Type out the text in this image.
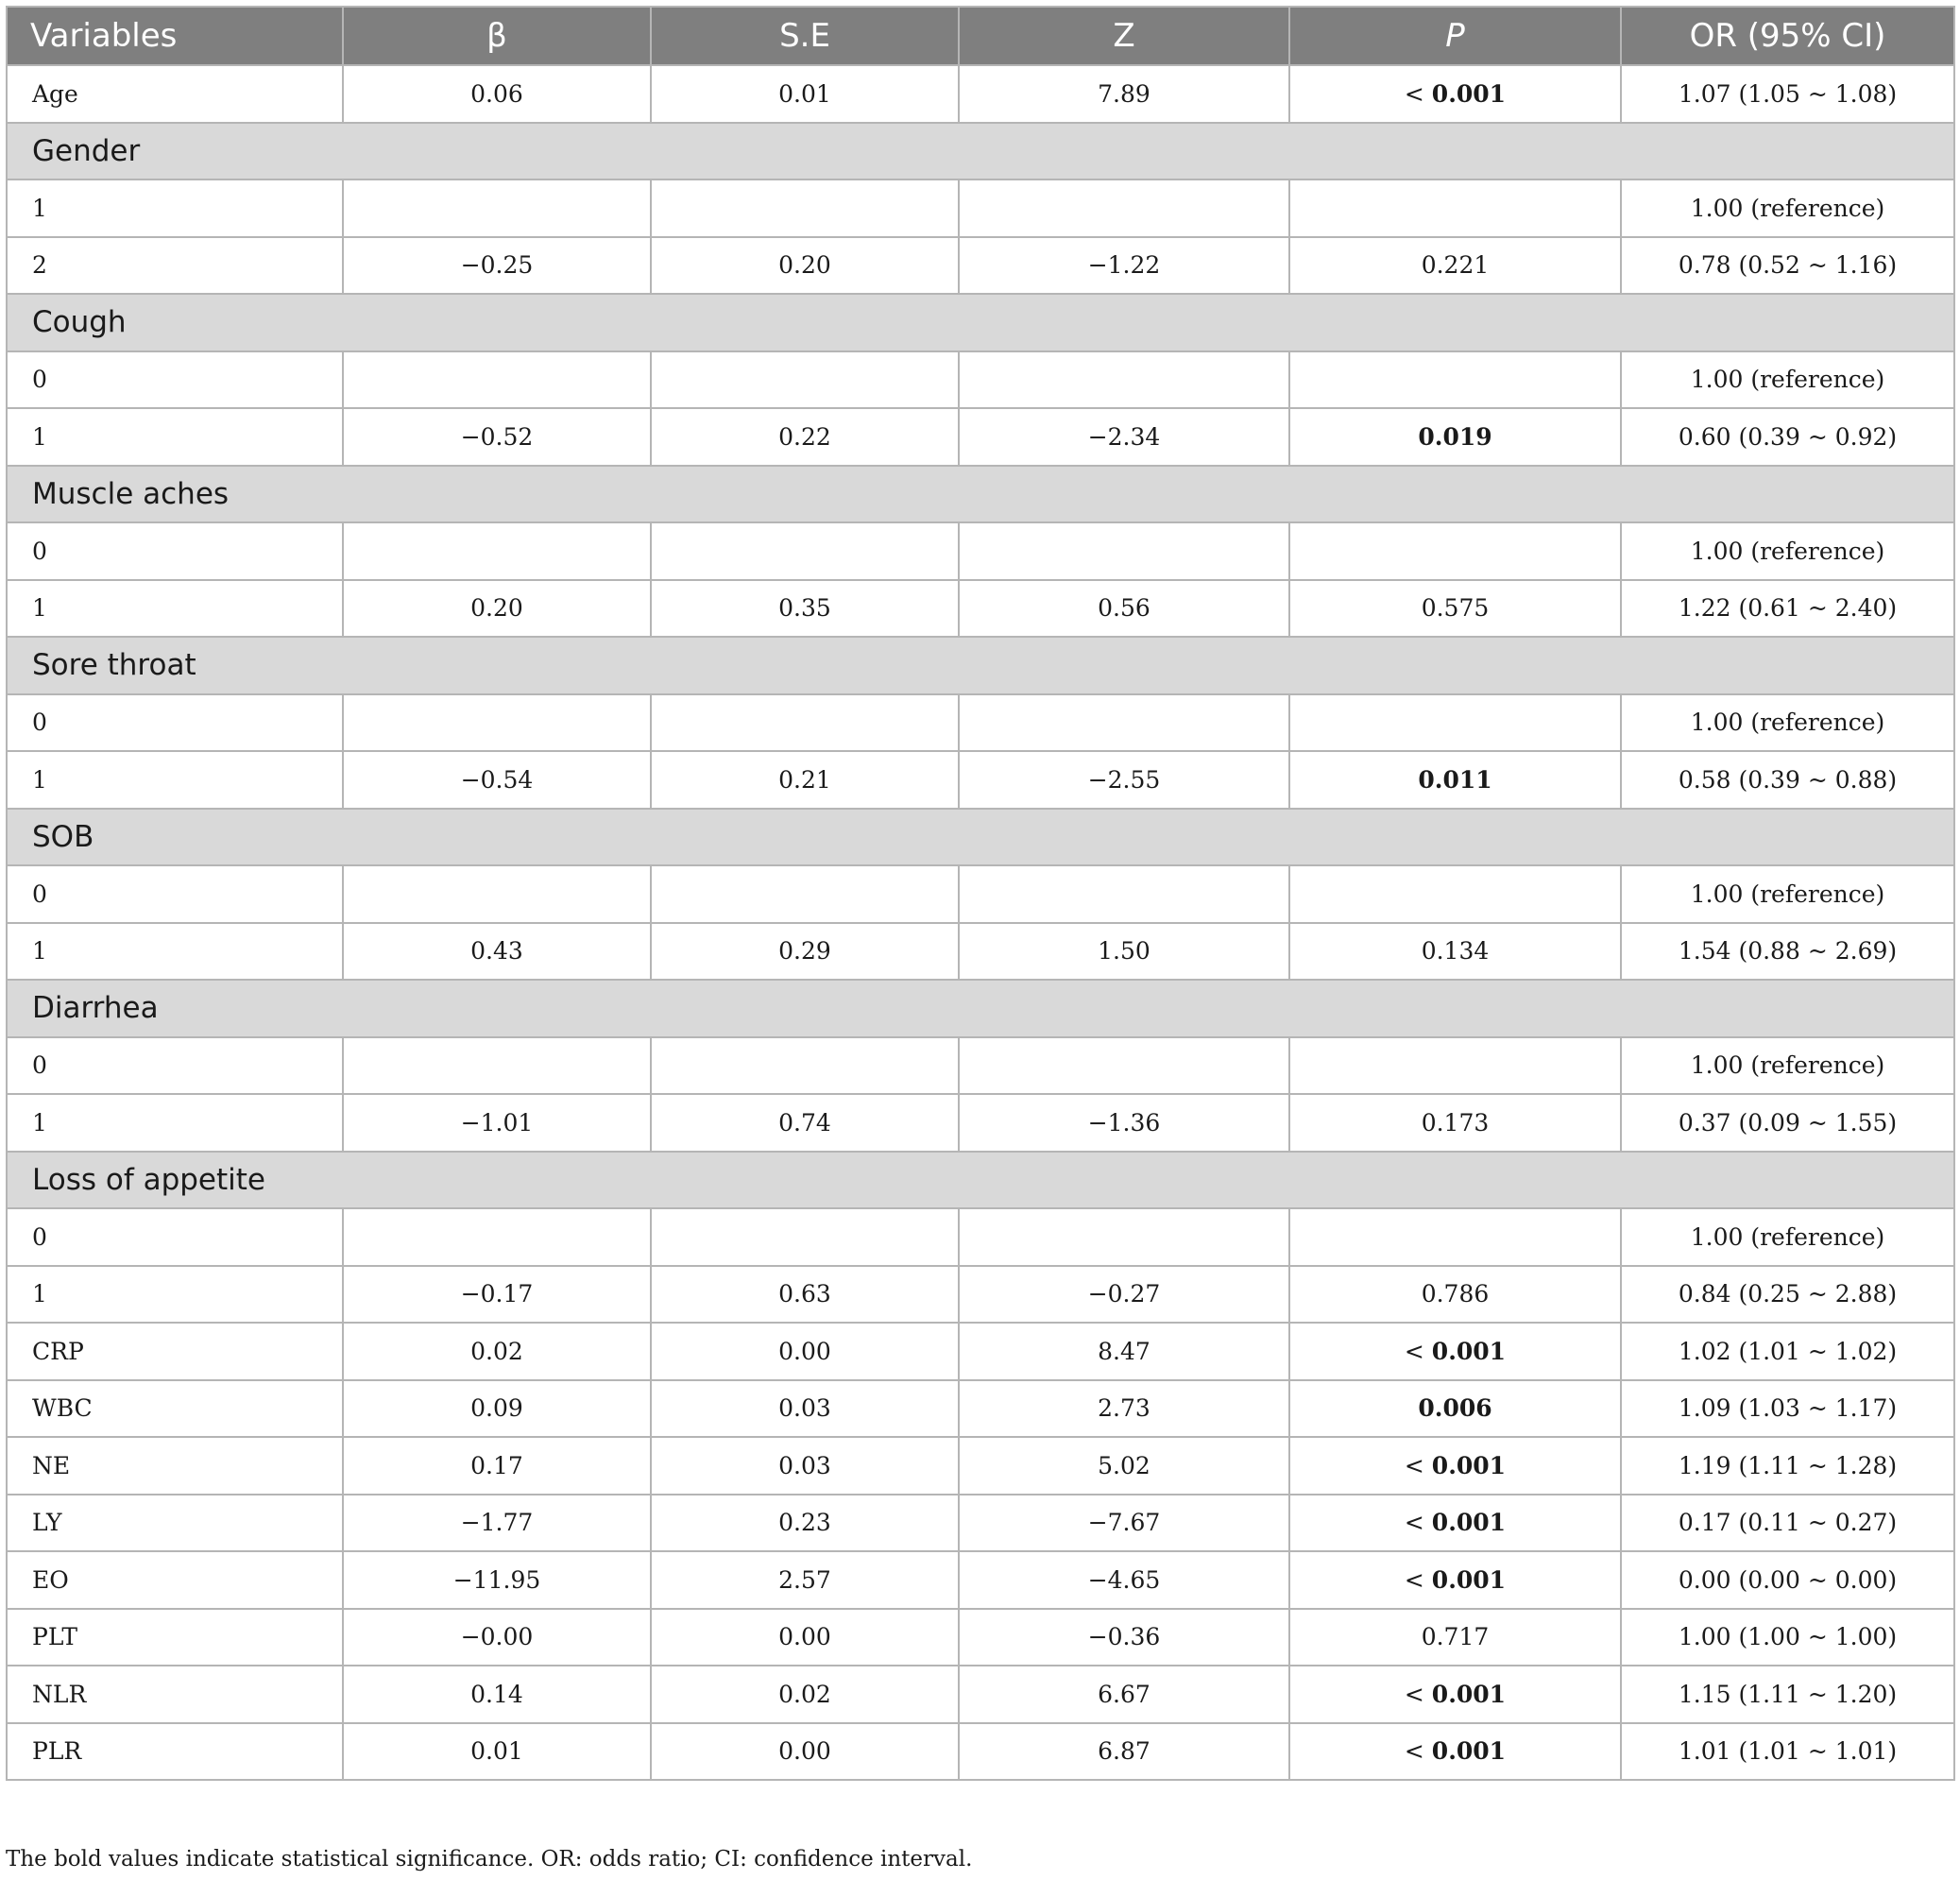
Variables	β	S.E	Z	P	OR (95% CI)
Age	0.06	0.01	7.89	< 0.001	1.07 (1.05 ~ 1.08)
Gender					
1					1.00 (reference)
2	−0.25	0.20	−1.22	0.221	0.78 (0.52 ~ 1.16)
Cough					
0					1.00 (reference)
1	−0.52	0.22	−2.34	0.019	0.60 (0.39 ~ 0.92)
Muscle aches					
0					1.00 (reference)
1	0.20	0.35	0.56	0.575	1.22 (0.61 ~ 2.40)
Sore throat					
0					1.00 (reference)
1	−0.54	0.21	−2.55	0.011	0.58 (0.39 ~ 0.88)
SOB					
0					1.00 (reference)
1	0.43	0.29	1.50	0.134	1.54 (0.88 ~ 2.69)
Diarrhea					
0					1.00 (reference)
1	−1.01	0.74	−1.36	0.173	0.37 (0.09 ~ 1.55)
Loss of appetite					
0					1.00 (reference)
1	−0.17	0.63	−0.27	0.786	0.84 (0.25 ~ 2.88)
CRP	0.02	0.00	8.47	< 0.001	1.02 (1.01 ~ 1.02)
WBC	0.09	0.03	2.73	0.006	1.09 (1.03 ~ 1.17)
NE	0.17	0.03	5.02	< 0.001	1.19 (1.11 ~ 1.28)
LY	−1.77	0.23	−7.67	< 0.001	0.17 (0.11 ~ 0.27)
EO	−11.95	2.57	−4.65	< 0.001	0.00 (0.00 ~ 0.00)
PLT	−0.00	0.00	−0.36	0.717	1.00 (1.00 ~ 1.00)
NLR	0.14	0.02	6.67	< 0.001	1.15 (1.11 ~ 1.20)
PLR	0.01	0.00	6.87	< 0.001	1.01 (1.01 ~ 1.01)
The bold values indicate statistical significance. OR: odds ratio; CI: confidence interval.
